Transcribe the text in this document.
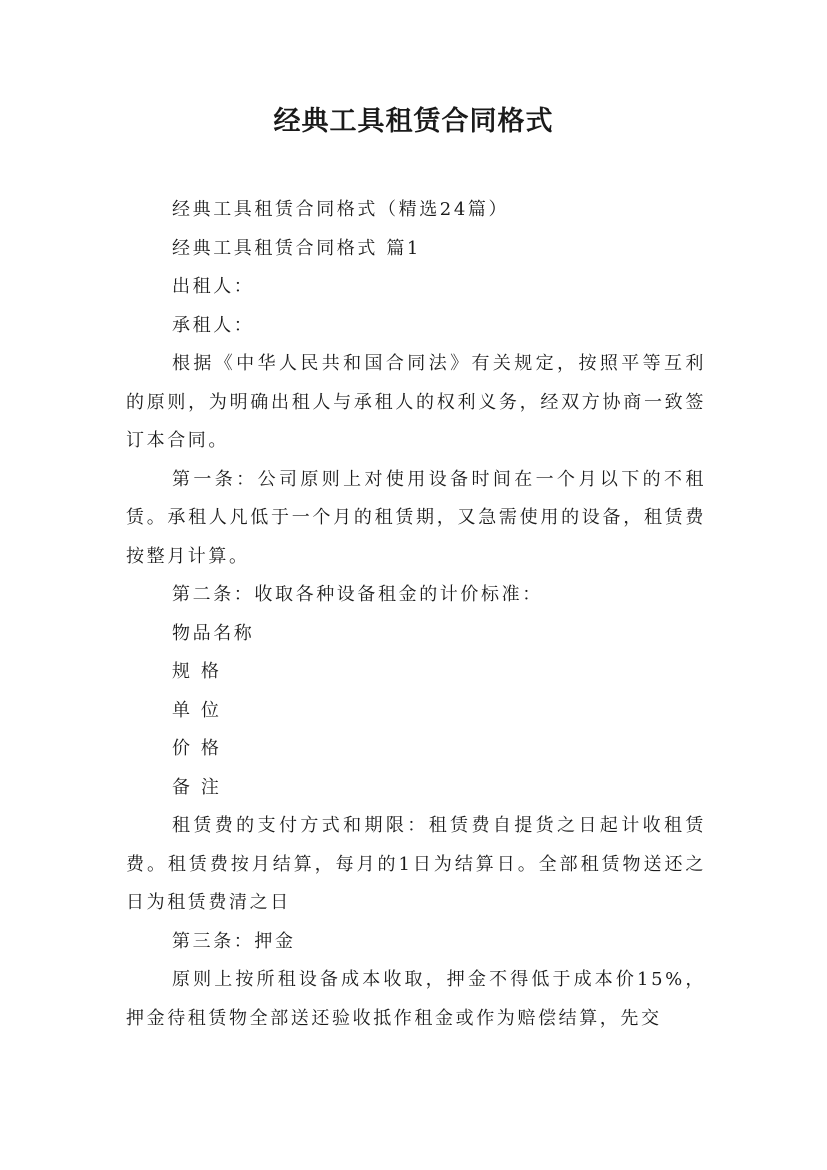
经典工具租赁合同格式

经典工具租赁合同格式（精选24篇）

经典工具租赁合同格式 篇1

出租人：

承租人：

根据《中华人民共和国合同法》有关规定，按照平等互利的原则，为明确出租人与承租人的权利义务，经双方协商一致签订本合同。

第一条：公司原则上对使用设备时间在一个月以下的不租赁。承租人凡低于一个月的租赁期，又急需使用的设备，租赁费按整月计算。

第二条：收取各种设备租金的计价标准：

物品名称

规 格

单 位

价 格

备 注

租赁费的支付方式和期限：租赁费自提货之日起计收租赁费。租赁费按月结算，每月的1日为结算日。全部租赁物送还之日为租赁费清之日

第三条：押金

原则上按所租设备成本收取，押金不得低于成本价15%，押金待租赁物全部送还验收抵作租金或作为赔偿结算，先交
